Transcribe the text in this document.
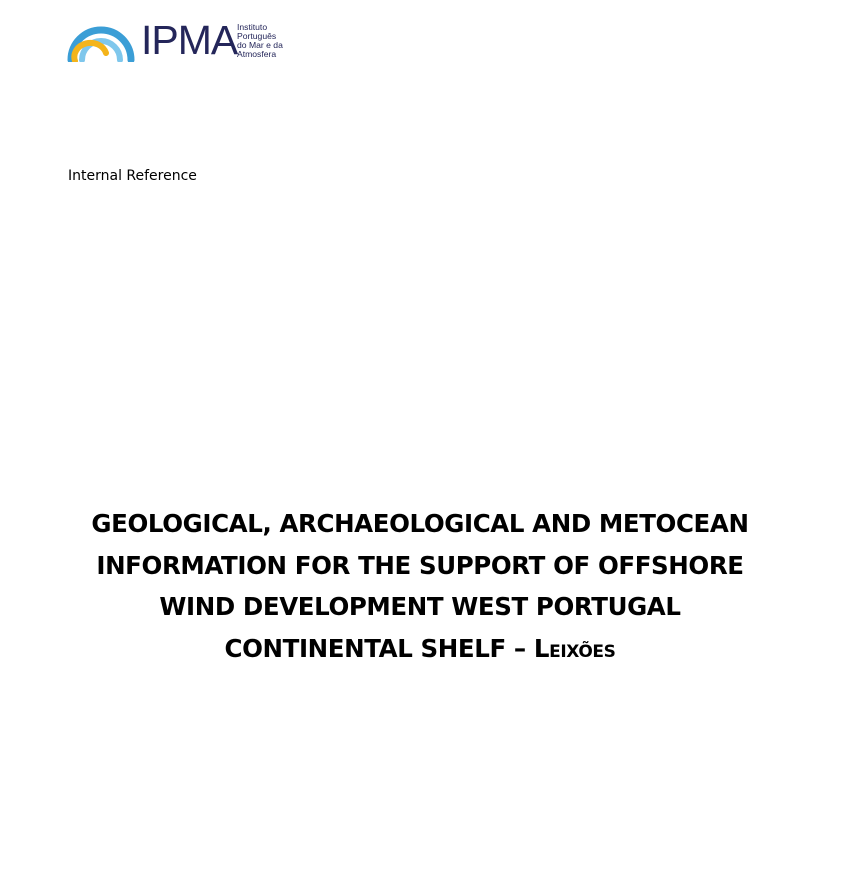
IPMA Instituto
Português
do Mar e da
Atmosfera
Internal Reference
GEOLOGICAL, ARCHAEOLOGICAL AND METOCEAN
INFORMATION FOR THE SUPPORT OF OFFSHORE
WIND DEVELOPMENT WEST PORTUGAL
CONTINENTAL SHELF – Leixões
